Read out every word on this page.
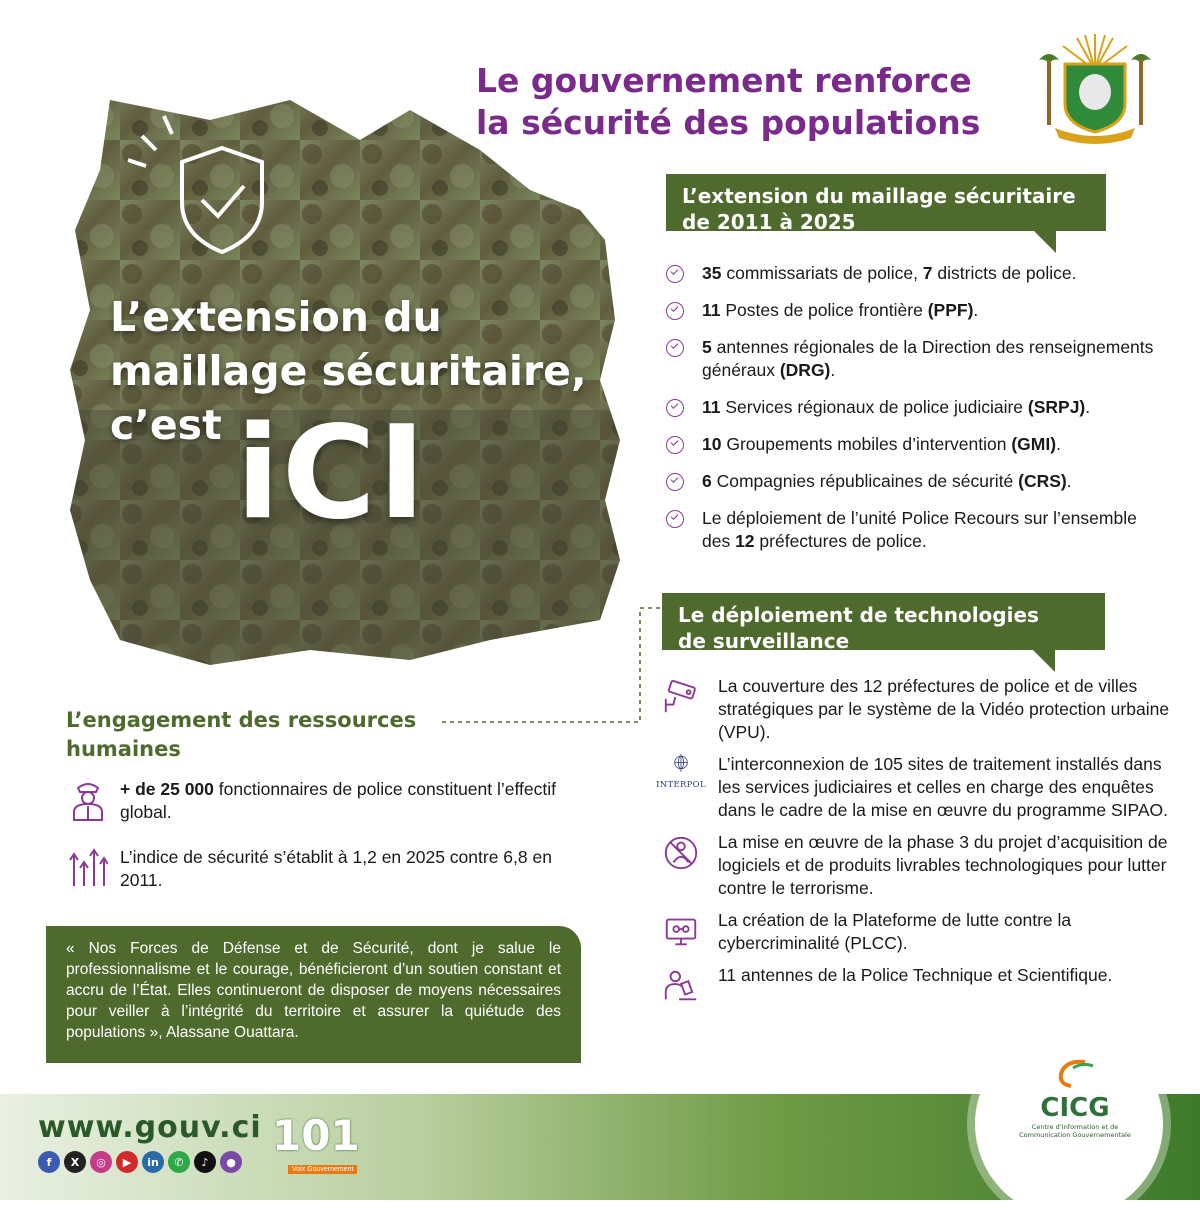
Le gouvernement renforce
la sécurité des populations
L’extension du
maillage sécuritaire,
c’est iCI
L’extension du maillage sécuritaire
de 2011 à 2025
35 commissariats de police, 7 districts de police.
11 Postes de police frontière (PPF).
5 antennes régionales de la Direction des renseignements généraux (DRG).
11 Services régionaux de police judiciaire (SRPJ).
10 Groupements mobiles d’intervention (GMI).
6 Compagnies républicaines de sécurité (CRS).
Le déploiement de l’unité Police Recours sur l’ensemble des 12 préfectures de police.
Le déploiement de technologies
de surveillance
La couverture des 12 préfectures de police et de villes stratégiques par le système de la Vidéo protection urbaine (VPU).
INTERPOL
L’interconnexion de 105 sites de traitement installés dans les services judiciaires et celles en charge des enquêtes dans le cadre de la mise en œuvre du programme SIPAO.
La mise en œuvre de la phase 3 du projet d’acquisition de logiciels et de produits livrables technologiques pour lutter contre le terrorisme.
La création de la Plateforme de lutte contre la cybercriminalité (PLCC).
11 antennes de la Police Technique et Scientifique.
L’engagement des ressources
humaines
+ de 25 000 fonctionnaires de police constituent l’effectif global.
L’indice de sécurité s’établit à 1,2 en 2025 contre 6,8 en 2011.
« Nos Forces de Défense et de Sécurité, dont je salue le professionnalisme et le courage, bénéficieront d’un soutien constant et accru de l’État. Elles continueront de disposer de moyens nécessaires pour veiller à l’intégrité du territoire et assurer la quiétude des populations », Alassane Ouattara.
www.gouv.ci
f	X	◎	▶	in	✆	♪	●
101
Voix Gouvernement
CICG
Centre d’Information et de Communication Gouvernementale
